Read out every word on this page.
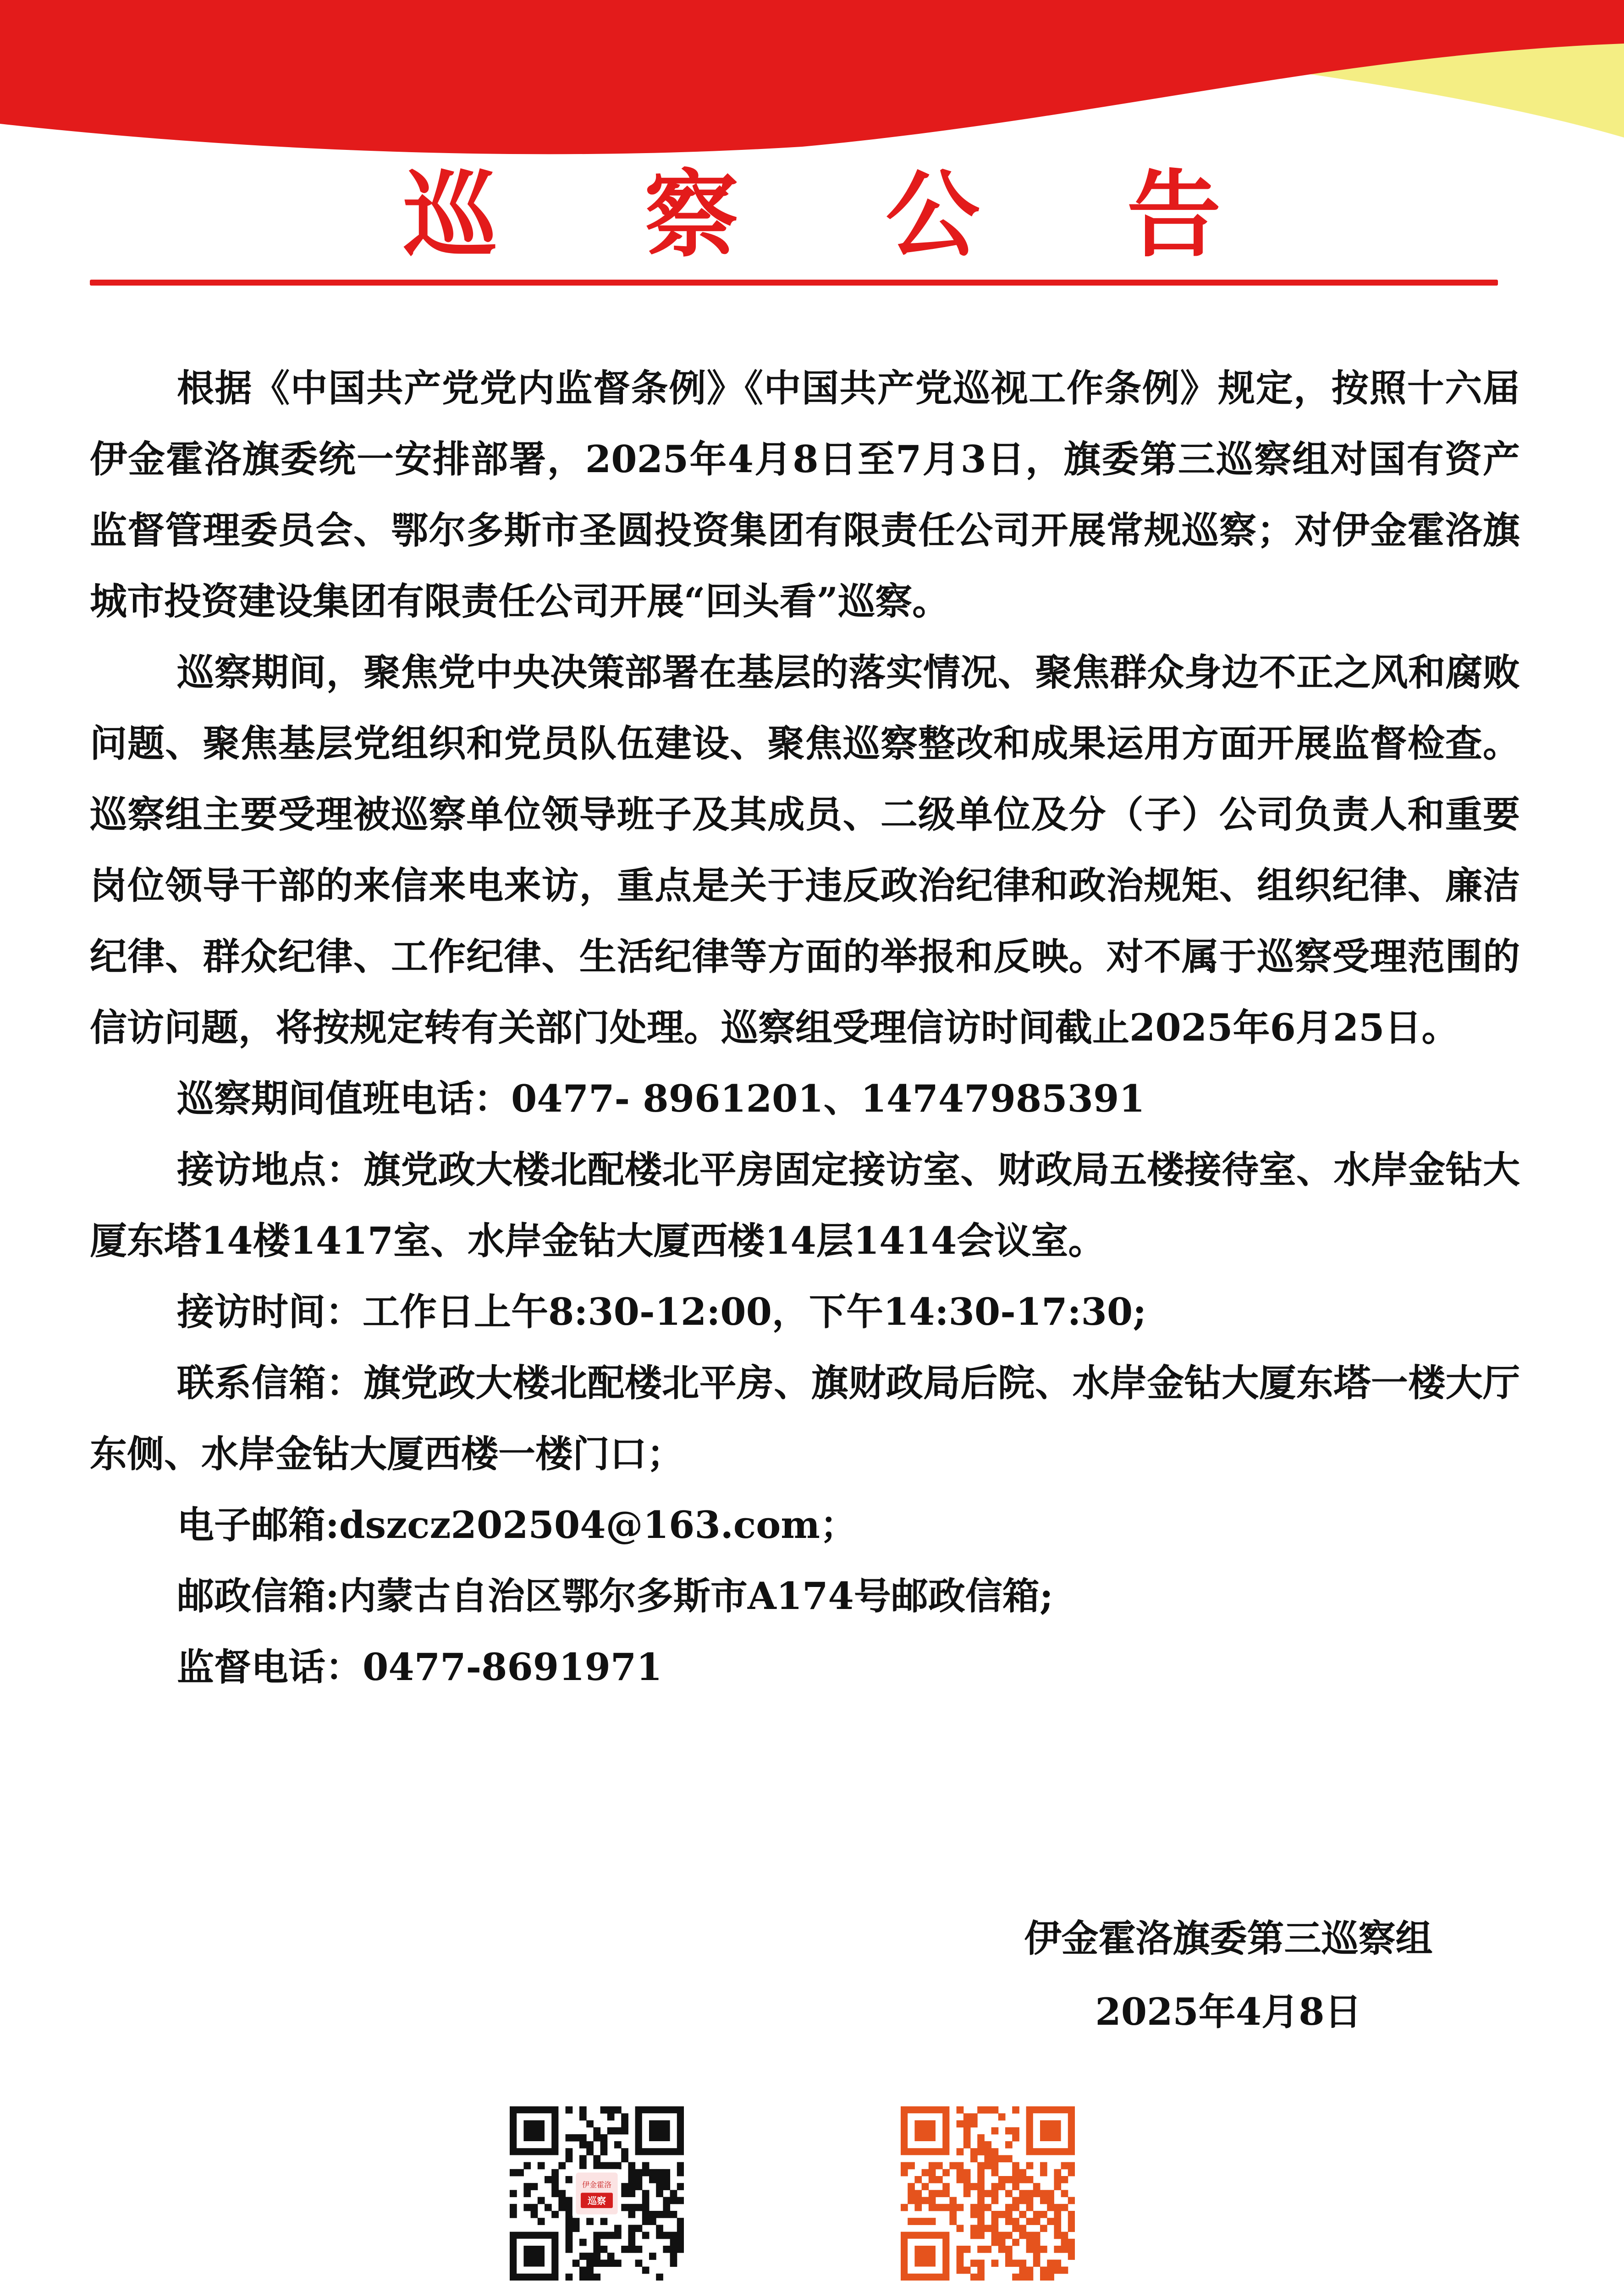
巡 察 公 告

根据《中国共产党党内监督条例》《中国共产党巡视工作条例》规定，按照十六届伊金霍洛旗委统一安排部署，2025年4月8日至7月3日，旗委第三巡察组对国有资产监督管理委员会、鄂尔多斯市圣圆投资集团有限责任公司开展常规巡察；对伊金霍洛旗城市投资建设集团有限责任公司开展“回头看”巡察。

巡察期间，聚焦党中央决策部署在基层的落实情况、聚焦群众身边不正之风和腐败问题、聚焦基层党组织和党员队伍建设、聚焦巡察整改和成果运用方面开展监督检查。巡察组主要受理被巡察单位领导班子及其成员、二级单位及分（子）公司负责人和重要岗位领导干部的来信来电来访，重点是关于违反政治纪律和政治规矩、组织纪律、廉洁纪律、群众纪律、工作纪律、生活纪律等方面的举报和反映。对不属于巡察受理范围的信访问题，将按规定转有关部门处理。巡察组受理信访时间截止2025年6月25日。

巡察期间值班电话：0477- 8961201、14747985391

接访地点：旗党政大楼北配楼北平房固定接访室、财政局五楼接待室、水岸金钻大厦东塔14楼1417室、水岸金钻大厦西楼14层1414会议室。

接访时间：工作日上午8:30-12:00，下午14:30-17:30;

联系信箱：旗党政大楼北配楼北平房、旗财政局后院、水岸金钻大厦东塔一楼大厅东侧、水岸金钻大厦西楼一楼门口；

电子邮箱:dszcz202504@163.com；

邮政信箱:内蒙古自治区鄂尔多斯市A174号邮政信箱;

监督电话：0477-8691971

伊金霍洛旗委第三巡察组
2025年4月8日
伊金霍洛
巡察
